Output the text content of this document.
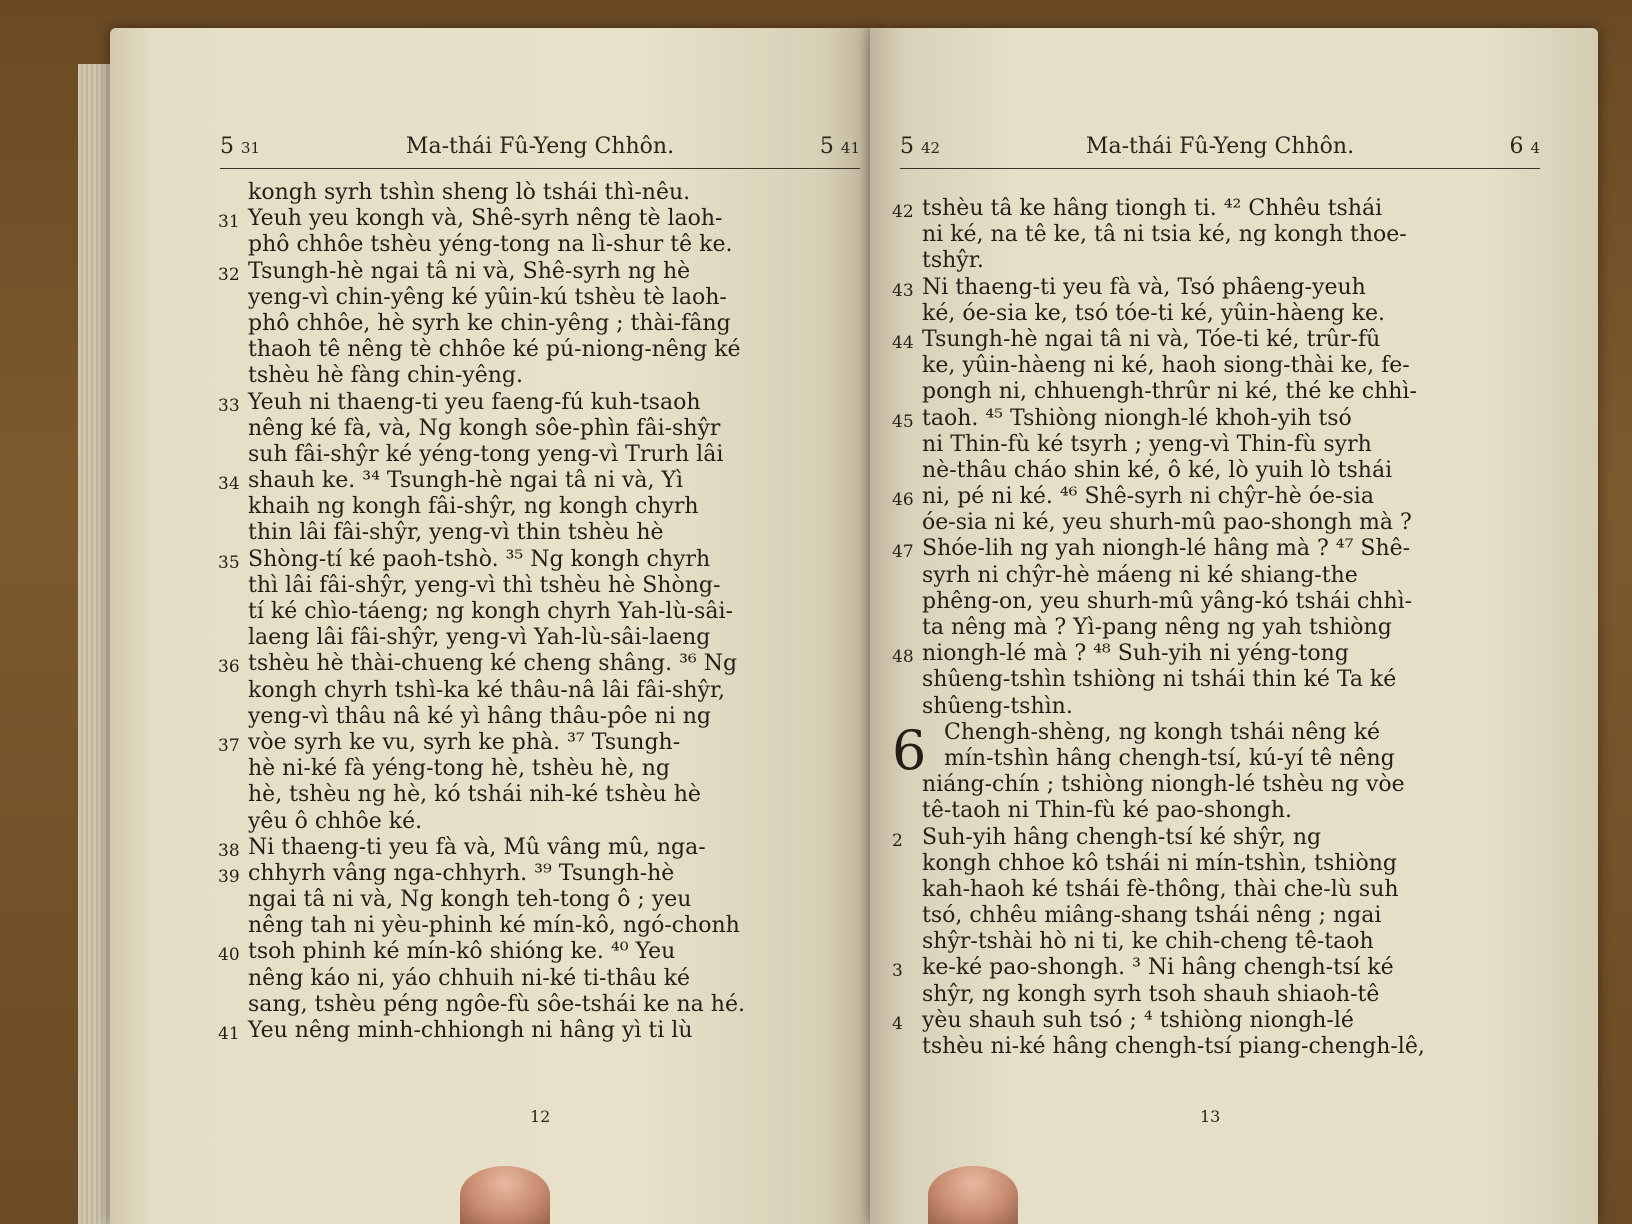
5 31	Ma-thái Fû-Yeng Chhôn.	5 41
kongh syrh tshìn sheng lò tshái thì-nêu.
31 Yeuh yeu kongh và, Shê-syrh nêng tè laoh-
phô chhôe tshèu yéng-tong na lì-shur tê ke.
32 Tsungh-hè ngai tâ ni và, Shê-syrh ng hè
yeng-vì chin-yêng ké yûin-kú tshèu tè laoh-
phô chhôe, hè syrh ke chin-yêng ; thài-fâng
thaoh tê nêng tè chhôe ké pú-niong-nêng ké
tshèu hè fàng chin-yêng.
33 Yeuh ni thaeng-ti yeu faeng-fú kuh-tsaoh
nêng ké fà, và, Ng kongh sôe-phìn fâi-shŷr
suh fâi-shŷr ké yéng-tong yeng-vì Trurh lâi
34 shauh ke. ³⁴ Tsungh-hè ngai tâ ni và, Yì
khaih ng kongh fâi-shŷr, ng kongh chyrh
thin lâi fâi-shŷr, yeng-vì thin tshèu hè
35 Shòng-tí ké paoh-tshò. ³⁵ Ng kongh chyrh
thì lâi fâi-shŷr, yeng-vì thì tshèu hè Shòng-
tí ké chìo-táeng; ng kongh chyrh Yah-lù-sâi-
laeng lâi fâi-shŷr, yeng-vì Yah-lù-sâi-laeng
36 tshèu hè thài-chueng ké cheng shâng. ³⁶ Ng
kongh chyrh tshì-ka ké thâu-nâ lâi fâi-shŷr,
yeng-vì thâu nâ ké yì hâng thâu-pôe ni ng
37 vòe syrh ke vu, syrh ke phà. ³⁷ Tsungh-
hè ni-ké fà yéng-tong hè, tshèu hè, ng
hè, tshèu ng hè, kó tshái nih-ké tshèu hè
yêu ô chhôe ké.
38 Ni thaeng-ti yeu fà và, Mû vâng mû, nga-
39 chhyrh vâng nga-chhyrh. ³⁹ Tsungh-hè
ngai tâ ni và, Ng kongh teh-tong ô ; yeu
nêng tah ni yèu-phinh ké mín-kô, ngó-chonh
40 tsoh phinh ké mín-kô shióng ke. ⁴⁰ Yeu
nêng káo ni, yáo chhuih ni-ké ti-thâu ké
sang, tshèu péng ngôe-fù sôe-tshái ke na hé.
41 Yeu nêng minh-chhiongh ni hâng yì ti lù
12
5 42	Ma-thái Fû-Yeng Chhôn.	6 4
42 tshèu tâ ke hâng tiongh ti. ⁴² Chhêu tshái
ni ké, na tê ke, tâ ni tsia ké, ng kongh thoe-
tshŷr.
43 Ni thaeng-ti yeu fà và, Tsó phâeng-yeuh
ké, óe-sia ke, tsó tóe-ti ké, yûin-hàeng ke.
44 Tsungh-hè ngai tâ ni và, Tóe-ti ké, trûr-fû
ke, yûin-hàeng ni ké, haoh siong-thài ke, fe-
pongh ni, chhuengh-thrûr ni ké, thé ke chhì-
45 taoh. ⁴⁵ Tshiòng niongh-lé khoh-yih tsó
ni Thin-fù ké tsyrh ; yeng-vì Thin-fù syrh
nè-thâu cháo shin ké, ô ké, lò yuih lò tshái
46 ni, pé ni ké. ⁴⁶ Shê-syrh ni chŷr-hè óe-sia
óe-sia ni ké, yeu shurh-mû pao-shongh mà ?
47 Shóe-lih ng yah niongh-lé hâng mà ? ⁴⁷ Shê-
syrh ni chŷr-hè máeng ni ké shiang-the
phêng-on, yeu shurh-mû yâng-kó tshái chhì-
ta nêng mà ? Yì-pang nêng ng yah tshiòng
48 niongh-lé mà ? ⁴⁸ Suh-yih ni yéng-tong
shûeng-tshìn tshiòng ni tshái thin ké Ta ké
shûeng-tshìn.
6 Chengh-shèng, ng kongh tshái nêng ké
mín-tshìn hâng chengh-tsí, kú-yí tê nêng
niáng-chín ; tshiòng niongh-lé tshèu ng vòe
tê-taoh ni Thin-fù ké pao-shongh.
2 Suh-yih hâng chengh-tsí ké shŷr, ng
kongh chhoe kô tshái ni mín-tshìn, tshiòng
kah-haoh ké tshái fè-thông, thài che-lù suh
tsó, chhêu miâng-shang tshái nêng ; ngai
shŷr-tshài hò ni ti, ke chih-cheng tê-taoh
3 ke-ké pao-shongh. ³ Ni hâng chengh-tsí ké
shŷr, ng kongh syrh tsoh shauh shiaoh-tê
4 yèu shauh suh tsó ; ⁴ tshiòng niongh-lé
tshèu ni-ké hâng chengh-tsí piang-chengh-lê,
13
